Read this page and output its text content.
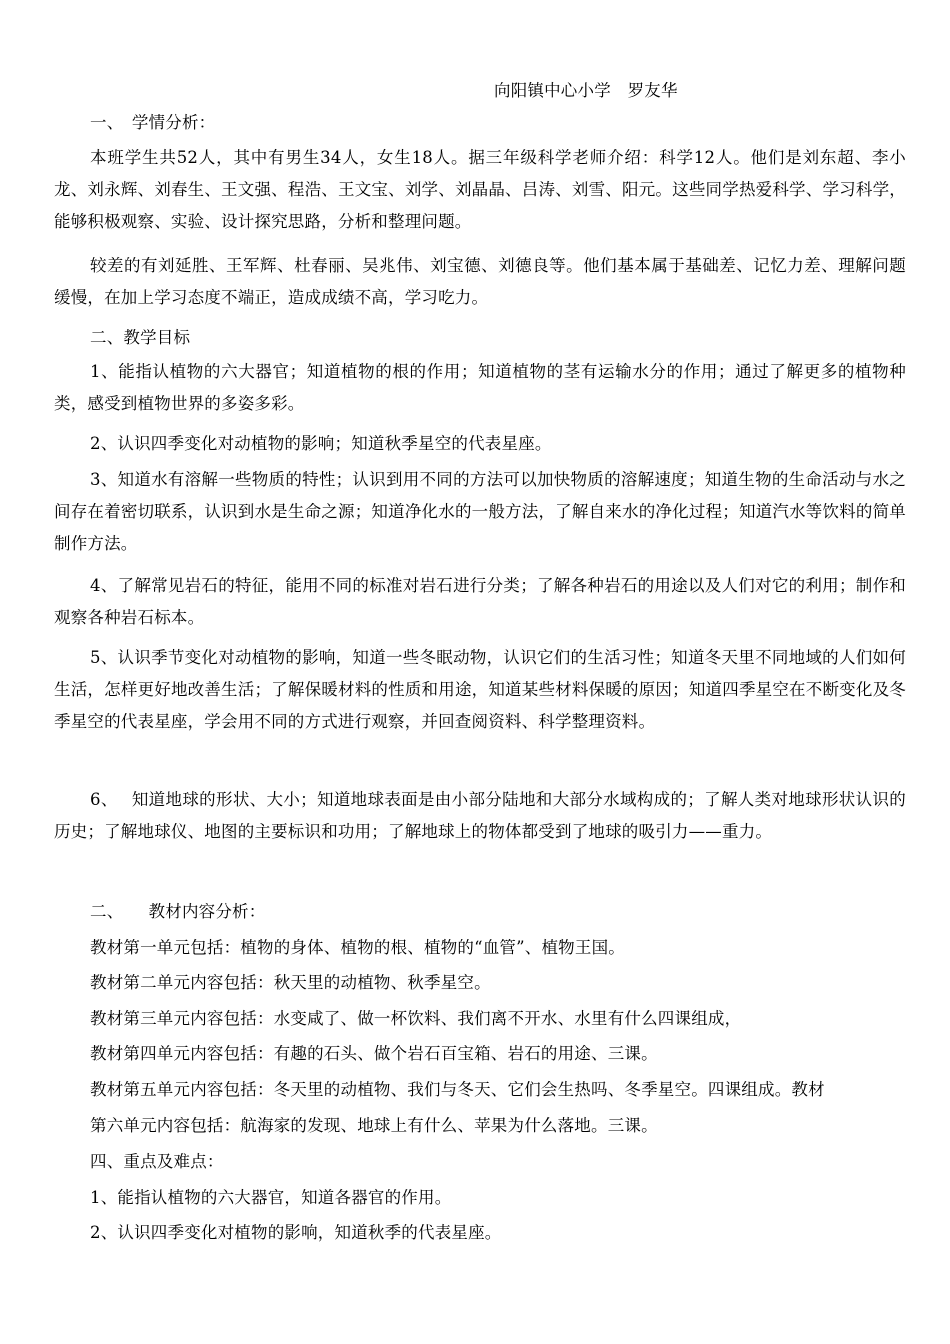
向阳镇中心小学　罗友华
一、　学情分析：

本班学生共52人，其中有男生34人，女生18人。据三年级科学老师介绍：科学12人。他们是刘东超、李小龙、刘永辉、刘春生、王文强、程浩、王文宝、刘学、刘晶晶、吕涛、刘雪、阳元。这些同学热爱科学、学习科学，能够积极观察、实验、设计探究思路，分析和整理问题。

较差的有刘延胜、王军辉、杜春丽、吴兆伟、刘宝德、刘德良等。他们基本属于基础差、记忆力差、理解问题缓慢，在加上学习态度不端正，造成成绩不高，学习吃力。

二、教学目标

1、能指认植物的六大器官；知道植物的根的作用；知道植物的茎有运输水分的作用；通过了解更多的植物种类，感受到植物世界的多姿多彩。

2、认识四季变化对动植物的影响；知道秋季星空的代表星座。

3、知道水有溶解一些物质的特性；认识到用不同的方法可以加快物质的溶解速度；知道生物的生命活动与水之间存在着密切联系，认识到水是生命之源；知道净化水的一般方法，了解自来水的净化过程；知道汽水等饮料的简单制作方法。

4、了解常见岩石的特征，能用不同的标准对岩石进行分类；了解各种岩石的用途以及人们对它的利用；制作和观察各种岩石标本。

5、认识季节变化对动植物的影响，知道一些冬眠动物，认识它们的生活习性；知道冬天里不同地域的人们如何生活，怎样更好地改善生活；了解保暖材料的性质和用途，知道某些材料保暖的原因；知道四季星空在不断变化及冬季星空的代表星座，学会用不同的方式进行观察，并回查阅资料、科学整理资料。

6、　 知道地球的形状、大小；知道地球表面是由小部分陆地和大部分水域构成的；了解人类对地球形状认识的历史；了解地球仪、地图的主要标识和功用；了解地球上的物体都受到了地球的吸引力——重力。

二、　　教材内容分析：
教材第一单元包括：植物的身体、植物的根、植物的“血管”、植物王国。
教材第二单元内容包括：秋天里的动植物、秋季星空。
教材第三单元内容包括：水变咸了、做一杯饮料、我们离不开水、水里有什么四课组成，
教材第四单元内容包括：有趣的石头、做个岩石百宝箱、岩石的用途、三课。
教材第五单元内容包括：冬天里的动植物、我们与冬天、它们会生热吗、冬季星空。四课组成。教材
第六单元内容包括：航海家的发现、地球上有什么、苹果为什么落地。三课。
四、重点及难点：
1、能指认植物的六大器官，知道各器官的作用。
2、认识四季变化对植物的影响，知道秋季的代表星座。
